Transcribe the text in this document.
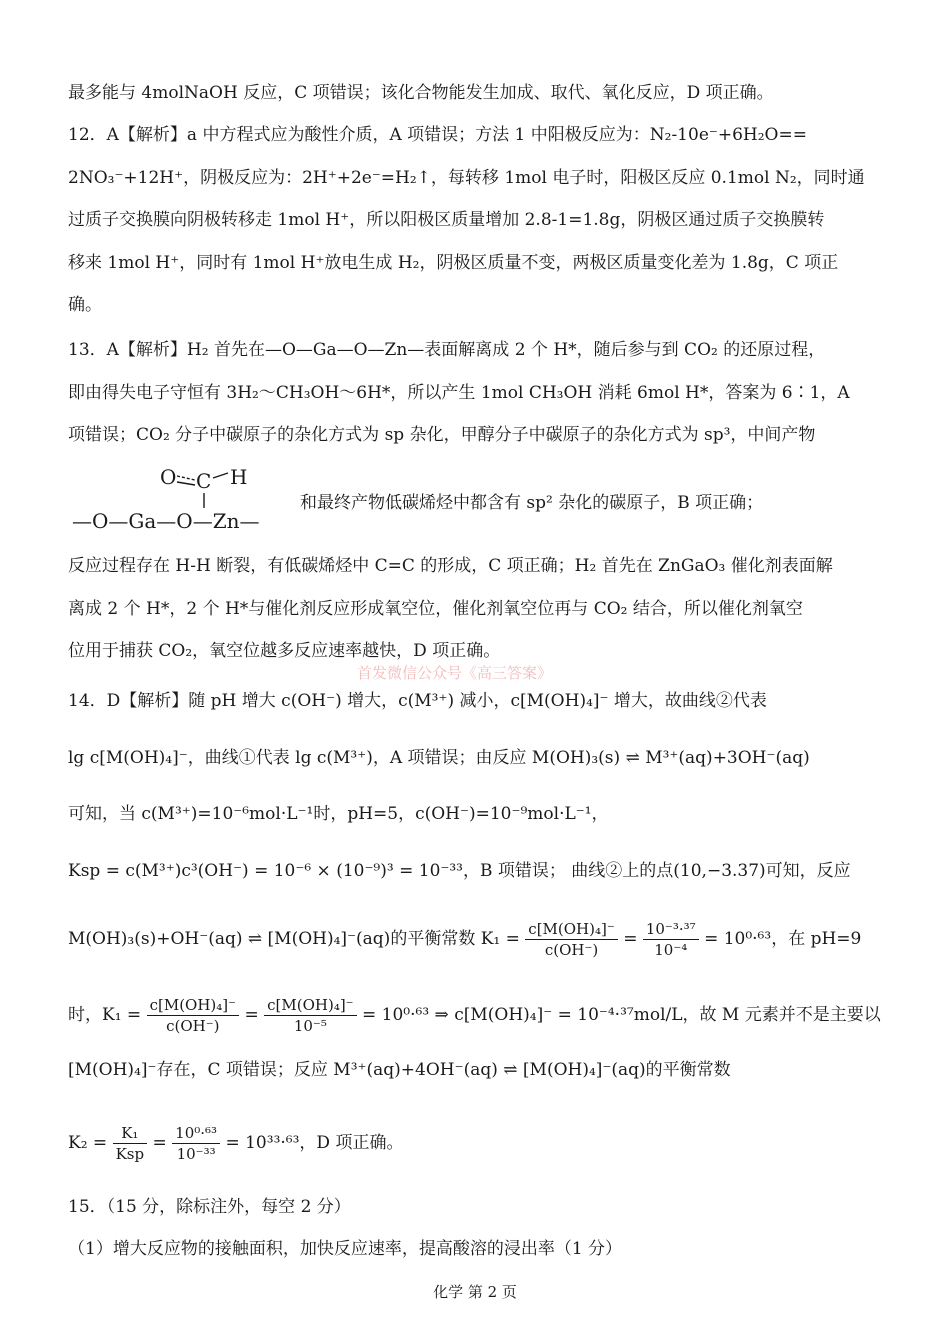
最多能与 4molNaOH 反应，C 项错误；该化合物能发生加成、取代、氧化反应，D 项正确。
12．A【解析】a 中方程式应为酸性介质，A 项错误；方法 1 中阳极反应为：N₂-10e⁻+6H₂O==
2NO₃⁻+12H⁺，阴极反应为：2H⁺+2e⁻=H₂↑，每转移 1mol 电子时，阳极区反应 0.1mol N₂，同时通
过质子交换膜向阴极转移走 1mol H⁺，所以阳极区质量增加 2.8-1=1.8g，阴极区通过质子交换膜转
移来 1mol H⁺，同时有 1mol H⁺放电生成 H₂，阴极区质量不变，两极区质量变化差为 1.8g，C 项正
确。
13．A【解析】H₂ 首先在—O—Ga—O—Zn—表面解离成 2 个 H*，随后参与到 CO₂ 的还原过程，
即由得失电子守恒有 3H₂～CH₃OH～6H*，所以产生 1mol CH₃OH 消耗 6mol H*，答案为 6∶1，A
项错误；CO₂ 分子中碳原子的杂化方式为 sp 杂化，甲醇分子中碳原子的杂化方式为 sp³，中间产物
O C H
—O—Ga—O—Zn—
和最终产物低碳烯烃中都含有 sp² 杂化的碳原子，B 项正确；
反应过程存在 H-H 断裂，有低碳烯烃中 C=C 的形成，C 项正确；H₂ 首先在 ZnGaO₃ 催化剂表面解
离成 2 个 H*，2 个 H*与催化剂反应形成氧空位，催化剂氧空位再与 CO₂ 结合，所以催化剂氧空
位用于捕获 CO₂，氧空位越多反应速率越快，D 项正确。
首发微信公众号《高三答案》
14．D【解析】随 pH 增大 c(OH⁻) 增大，c(M³⁺) 减小，c[M(OH)₄]⁻ 增大，故曲线②代表
lg c[M(OH)₄]⁻，曲线①代表 lg c(M³⁺)，A 项错误；由反应 M(OH)₃(s) ⇌ M³⁺(aq)+3OH⁻(aq)
可知，当 c(M³⁺)=10⁻⁶mol·L⁻¹时，pH=5，c(OH⁻)=10⁻⁹mol·L⁻¹，
Ksp = c(M³⁺)c³(OH⁻) = 10⁻⁶ × (10⁻⁹)³ = 10⁻³³，B 项错误； 曲线②上的点(10,−3.37)可知，反应
M(OH)₃(s)+OH⁻(aq) ⇌ [M(OH)₄]⁻(aq)的平衡常数 K₁ =
$\frac{\text{c[M(OH)₄]⁻}}{c(OH^-)}$
=
$\frac{\text{10⁻³·³⁷}}{\text{10⁻⁴}}$
= 10⁰·⁶³，在 pH=9
时，K₁ =
$\frac{\text{c[M(OH)₄]⁻}}{c(OH^-)}$
=
$\frac{\text{c[M(OH)₄]⁻}}{\text{10⁻⁵}}$
= 10⁰·⁶³ ⇒ c[M(OH)₄]⁻ = 10⁻⁴·³⁷mol/L，故 M 元素并不是主要以
[M(OH)₄]⁻存在，C 项错误；反应 M³⁺(aq)+4OH⁻(aq) ⇌ [M(OH)₄]⁻(aq)的平衡常数
K₂ =
$\frac{\text{K₁}}{\text{Ksp}}$
=
$\frac{\text{10⁰·⁶³}}{\text{10⁻³³}}$
= 10³³·⁶³，D 项正确。
15．（15 分，除标注外，每空 2 分）
（1）增大反应物的接触面积，加快反应速率，提高酸溶的浸出率（1 分）
化学 第 2 页
